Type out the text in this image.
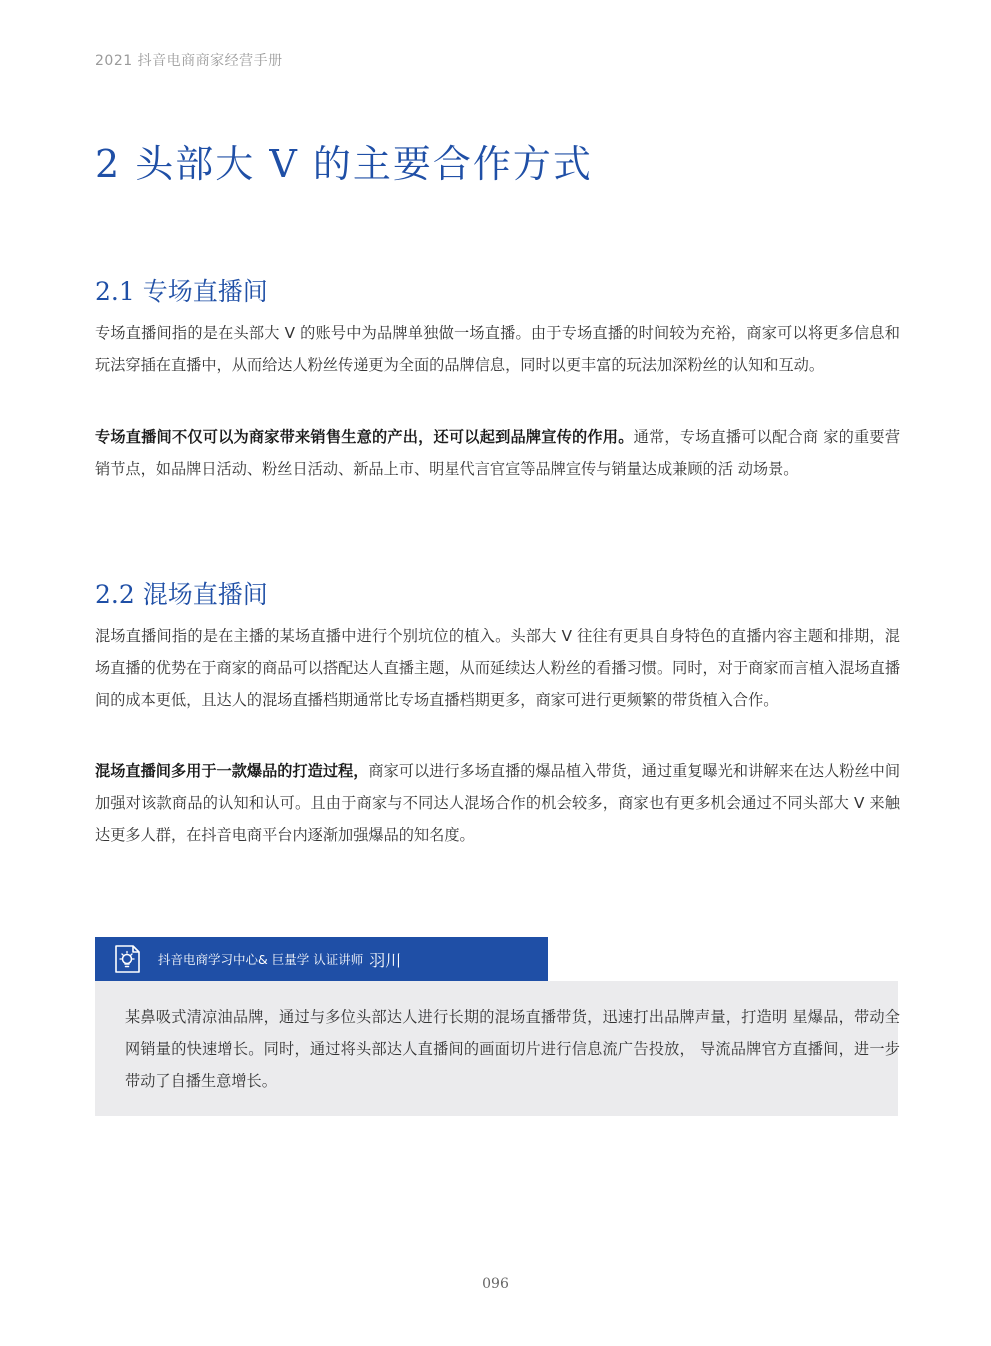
2021 抖音电商商家经营手册
2 头部大 V 的主要合作方式
2.1 专场直播间
专场直播间指的是在头部大 V 的账号中为品牌单独做一场直播。由于专场直播的时间较为充裕，商家可以将更多信息和玩法穿插在直播中，从而给达人粉丝传递更为全面的品牌信息，同时以更丰富的玩法加深粉丝的认知和互动。
专场直播间不仅可以为商家带来销售生意的产出，还可以起到品牌宣传的作用。通常，专场直播可以配合商 家的重要营销节点，如品牌日活动、粉丝日活动、新品上市、明星代言官宣等品牌宣传与销量达成兼顾的活 动场景。
2.2 混场直播间
混场直播间指的是在主播的某场直播中进行个别坑位的植入。头部大 V 往往有更具自身特色的直播内容主题和排期，混场直播的优势在于商家的商品可以搭配达人直播主题，从而延续达人粉丝的看播习惯。同时，对于商家而言植入混场直播间的成本更低，且达人的混场直播档期通常比专场直播档期更多，商家可进行更频繁的带货植入合作。
混场直播间多用于一款爆品的打造过程，商家可以进行多场直播的爆品植入带货，通过重复曝光和讲解来在达人粉丝中间加强对该款商品的认知和认可。且由于商家与不同达人混场合作的机会较多，商家也有更多机会通过不同头部大 V 来触达更多人群，在抖音电商平台内逐渐加强爆品的知名度。
抖音电商学习中心& 巨量学 认证讲师 羽川
某鼻吸式清凉油品牌，通过与多位头部达人进行长期的混场直播带货，迅速打出品牌声量，打造明 星爆品，带动全网销量的快速增长。同时，通过将头部达人直播间的画面切片进行信息流广告投放， 导流品牌官方直播间，进一步带动了自播生意增长。
096
